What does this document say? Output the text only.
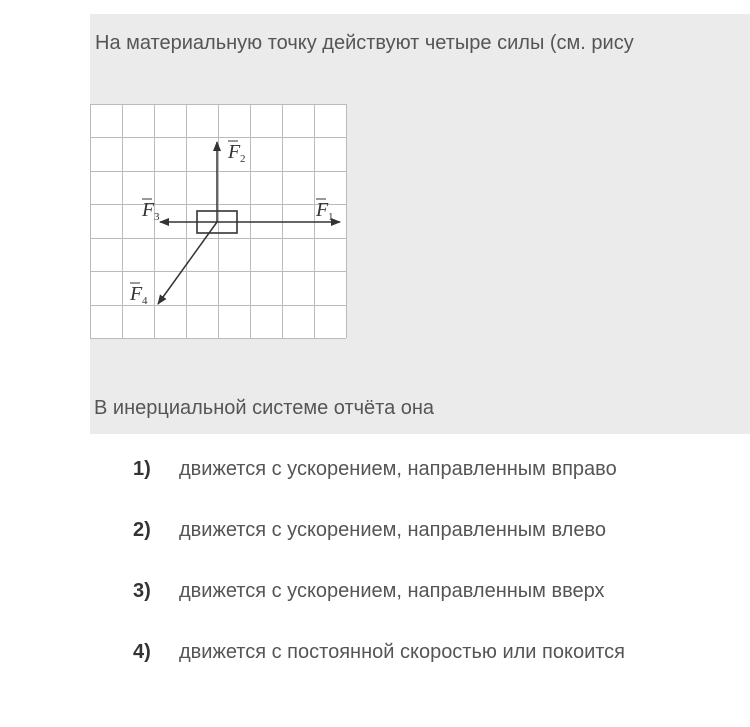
На материальную точку действуют четыре силы (см. рису
F 1
F 2
F 3
F 4
В инерциальной системе отчёта она
1) движется с ускорением, направленным вправо
2) движется с ускорением, направленным влево
3) движется с ускорением, направленным вверх
4) движется с постоянной скоростью или покоится
